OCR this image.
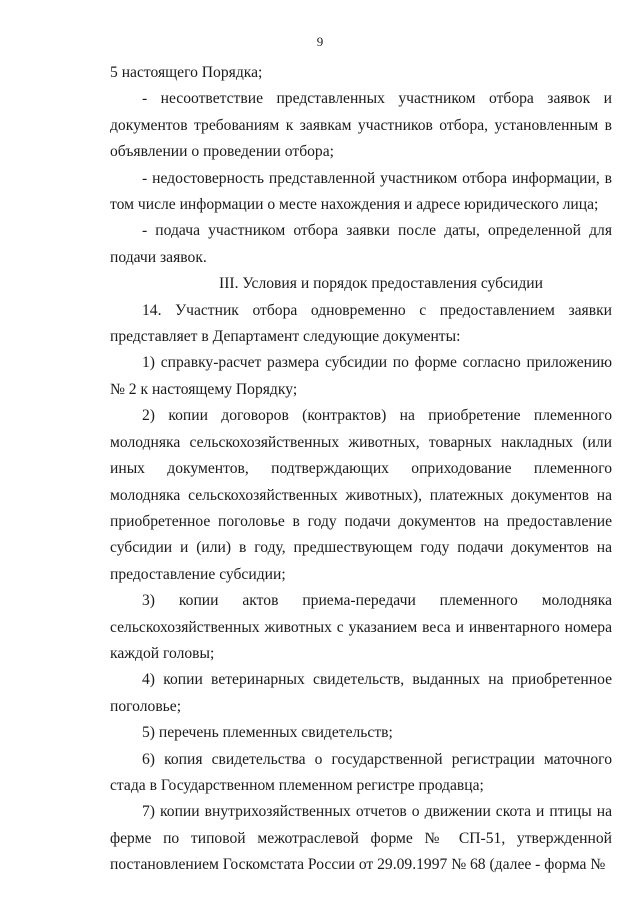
9

5 настоящего Порядка;

- несоответствие представленных участником отбора заявок и документов требованиям к заявкам участников отбора, установленным в объявлении о проведении отбора;

- недостоверность представленной участником отбора информации, в том числе информации о месте нахождения и адресе юридического лица;

- подача участником отбора заявки после даты, определенной для подачи заявок.

III. Условия и порядок предоставления субсидии

14. Участник отбора одновременно с предоставлением заявки представляет в Департамент следующие документы:

1) справку-расчет размера субсидии по форме согласно приложению № 2 к настоящему Порядку;

2) копии договоров (контрактов) на приобретение племенного молодняка сельскохозяйственных животных, товарных накладных (или иных документов, подтверждающих оприходование племенного молодняка сельскохозяйственных животных), платежных документов на приобретенное поголовье в году подачи документов на предоставление субсидии и (или) в году, предшествующем году подачи документов на предоставление субсидии;

3) копии актов приема-передачи племенного молодняка сельскохозяйственных животных с указанием веса и инвентарного номера каждой головы;

4) копии ветеринарных свидетельств, выданных на приобретенное поголовье;

5) перечень племенных свидетельств;

6) копия свидетельства о государственной регистрации маточного стада в Государственном племенном регистре продавца;

7) копии внутрихозяйственных отчетов о движении скота и птицы на ферме по типовой межотраслевой форме № СП-51, утвержденной постановлением Госкомстата России от 29.09.1997 № 68 (далее - форма №
